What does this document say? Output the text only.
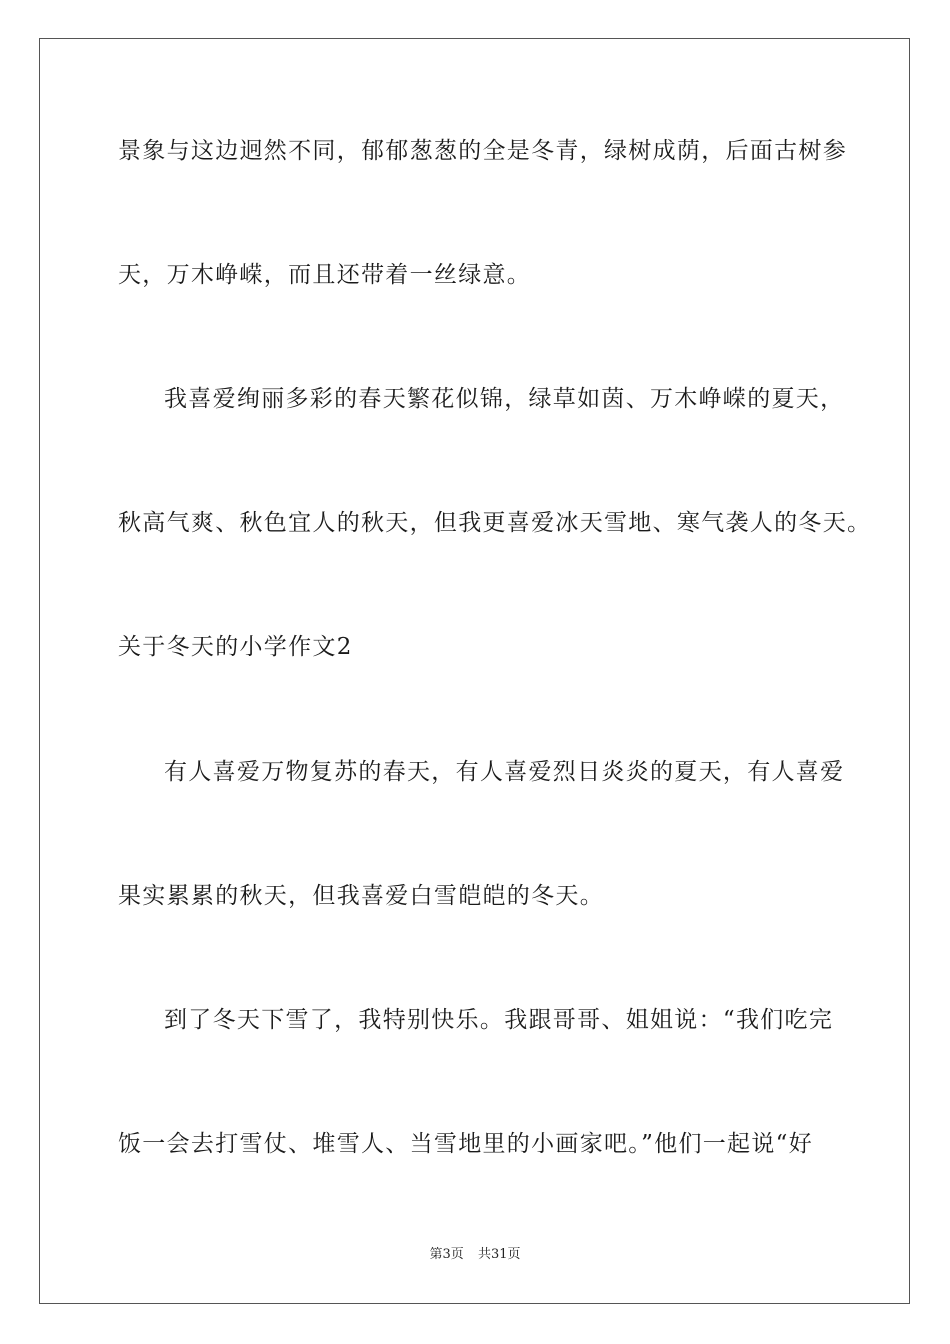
景象与这边迥然不同，郁郁葱葱的全是冬青，绿树成荫，后面古树参
天，万木峥嵘，而且还带着一丝绿意。
我喜爱绚丽多彩的春天繁花似锦，绿草如茵、万木峥嵘的夏天，
秋高气爽、秋色宜人的秋天，但我更喜爱冰天雪地、寒气袭人的冬天。
关于冬天的小学作文2
有人喜爱万物复苏的春天，有人喜爱烈日炎炎的夏天，有人喜爱
果实累累的秋天，但我喜爱白雪皑皑的冬天。
到了冬天下雪了，我特别快乐。我跟哥哥、姐姐说：“我们吃完
饭一会去打雪仗、堆雪人、当雪地里的小画家吧。”他们一起说“好
第3页 共31页
